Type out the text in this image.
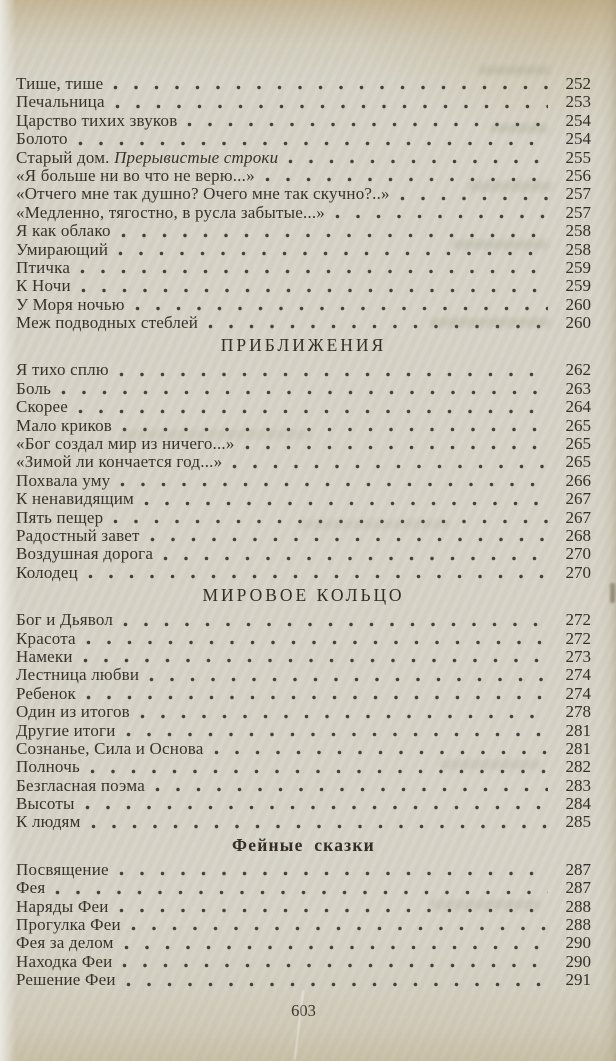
Тише, тише	252
Печальница	253
Царство тихих звуков	254
Болото	254
Старый дом. Прерывистые строки	255
«Я больше ни во что не верю...»	256
«Отчего мне так душно? Очего мне так скучно?..»	257
«Медленно, тягостно, в русла забытые...»	257
Я как облако	258
Умирающий	258
Птичка	259
К Ночи	259
У Моря ночью	260
Меж подводных стеблей	260
ПРИБЛИЖЕНИЯ
Я тихо сплю	262
Боль	263
Скорее	264
Мало криков	265
«Бог создал мир из ничего...»	265
«Зимой ли кончается год...»	265
Похвала уму	266
К ненавидящим	267
Пять пещер	267
Радостный завет	268
Воздушная дорога	270
Колодец	270
МИРОВОЕ КОЛЬЦО
Бог и Дьявол	272
Красота	272
Намеки	273
Лестница любви	274
Ребенок	274
Один из итогов	278
Другие итоги	281
Сознанье, Сила и Основа	281
Полночь	282
Безгласная поэма	283
Высоты	284
К людям	285
Фейные сказки
Посвящение	287
Фея	287
Наряды Феи	288
Прогулка Феи	288
Фея за делом	290
Находка Феи	290
Решение Феи	291
603
